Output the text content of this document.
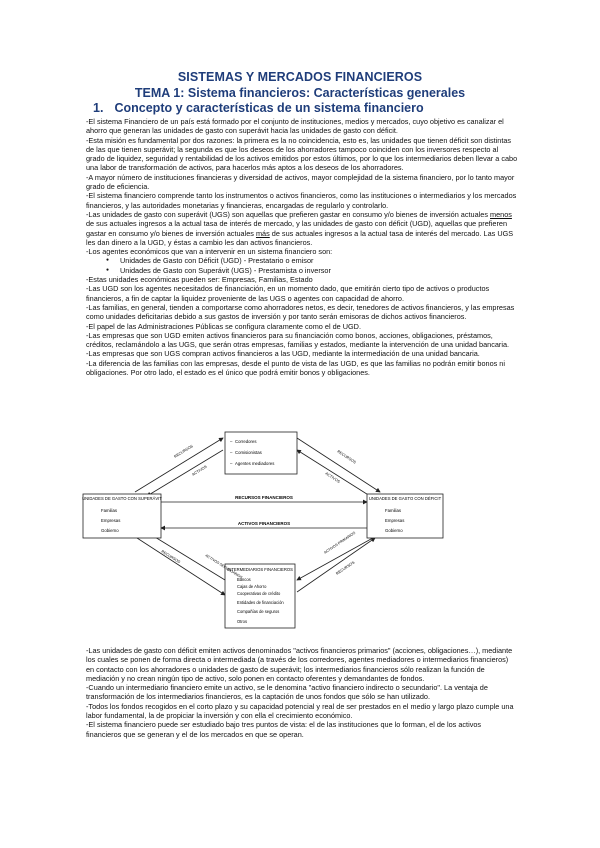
SISTEMAS Y MERCADOS FINANCIEROS
TEMA 1: Sistema financieros: Características generales
1. Concepto y características de un sistema financiero

-El sistema Financiero de un país está formado por el conjunto de instituciones, medios y mercados, cuyo objetivo es canalizar el ahorro que generan las unidades de gasto con superávit hacia las unidades de gasto con déficit.

-Esta misión es fundamental por dos razones: la primera es la no coincidencia, esto es, las unidades que tienen déficit son distintas de las que tienen superávit; la segunda es que los deseos de los ahorradores tampoco coinciden con los inversores respecto al grado de liquidez, seguridad y rentabilidad de los activos emitidos por estos últimos, por lo que los intermediarios deben llevar a cabo una labor de transformación de activos, para hacerlos más aptos a los deseos de los ahorradores.

-A mayor número de instituciones financieras y diversidad de activos, mayor complejidad de la sistema financiero, por lo tanto mayor grado de eficiencia.

-El sistema financiero comprende tanto los instrumentos o activos financieros, como las instituciones o intermediarios y los mercados financieros, y las autoridades monetarias y financieras, encargadas de regularlo y controlarlo.

-Las unidades de gasto con superávit (UGS) son aquellas que prefieren gastar en consumo y/o bienes de inversión actuales menos de sus actuales ingresos a la actual tasa de interés de mercado, y las unidades de gasto con déficit (UGD), aquellas que prefieren gastar en consumo y/o bienes de inversión actuales más de sus actuales ingresos a la actual tasa de interés del mercado. Las UGS les dan dinero a la UGD, y éstas a cambio les dan activos financieros.

-Los agentes económicos que van a intervenir en un sistema financiero son:

● Unidades de Gasto con Déficit (UGD) - Prestatario o emisor
● Unidades de Gasto con Superávit (UGS) - Prestamista o inversor

-Estas unidades económicas pueden ser: Empresas, Familias, Estado

-Las UGD son los agentes necesitados de financiación, en un momento dado, que emitirán cierto tipo de activos o productos financieros, a fin de captar la liquidez proveniente de las UGS o agentes con capacidad de ahorro.

-Las familias, en general, tienden a comportarse como ahorradores netos, es decir, tenedores de activos financieros, y las empresas como unidades deficitarias debido a sus gastos de inversión y por tanto serán emisoras de dichos activos financieros.

-El papel de las Administraciones Públicas se configura claramente como el de UGD.

-Las empresas que son UGD emiten activos financieros para su financiación como bonos, acciones, obligaciones, préstamos, créditos, reclamándolo a las UGS, que serán otras empresas, familias y estados, mediante la intervención de una unidad bancaria.

-Las empresas que son UGS compran activos financieros a las UGD, mediante la intermediación de una unidad bancaria.

-La diferencia de las familias con las empresas, desde el punto de vista de las UGD, es que las familias no podrán emitir bonos ni obligaciones. Por otro lado, el estado es el único que podrá emitir bonos y obligaciones.

Corredores
Comisionistas
Agentes mediadores
–
–
–
UNIDADES DE GASTO CON SUPERÁVIT
Familias
Empresas
Gobierno
UNIDADES DE GASTO CON DÉFICIT
Familias
Empresas
Gobierno
INTERMEDIARIOS FINANCIEROS
Bancos
Cajas de Ahorro
Cooperativas de crédito
Entidades de financiación
Compañías de seguros
Otros
RECURSOS FINANCIEROS
ACTIVOS FINANCIEROS
RECURSOS
ACTIVOS
RECURSOS
ACTIVOS
ACTIVOS SECUNDARIOS
RECURSOS
RECURSOS
ACTIVOS PRIMARIOS

-Las unidades de gasto con déficit emiten activos denominados "activos financieros primarios" (acciones, obligaciones…), mediante los cuales se ponen de forma directa o intermediada (a través de los corredores, agentes mediadores o intermediarios financieros) en contacto con los ahorradores o unidades de gasto de superávit; los intermediarios financieros sólo realizan la función de mediación y no crean ningún tipo de activo, solo ponen en contacto oferentes y demandantes de fondos.

-Cuando un intermediario financiero emite un activo, se le denomina "activo financiero indirecto o secundario". La ventaja de transformación de los intermediarios financieros, es la captación de unos fondos que sólo se han utilizado.

-Todos los fondos recogidos en el corto plazo y su capacidad potencial y real de ser prestados en el medio y largo plazo cumple una labor fundamental, la de propiciar la inversión y con ella el crecimiento económico.

-El sistema financiero puede ser estudiado bajo tres puntos de vista: el de las instituciones que lo forman, el de los activos financieros que se generan y el de los mercados en que se operan.
